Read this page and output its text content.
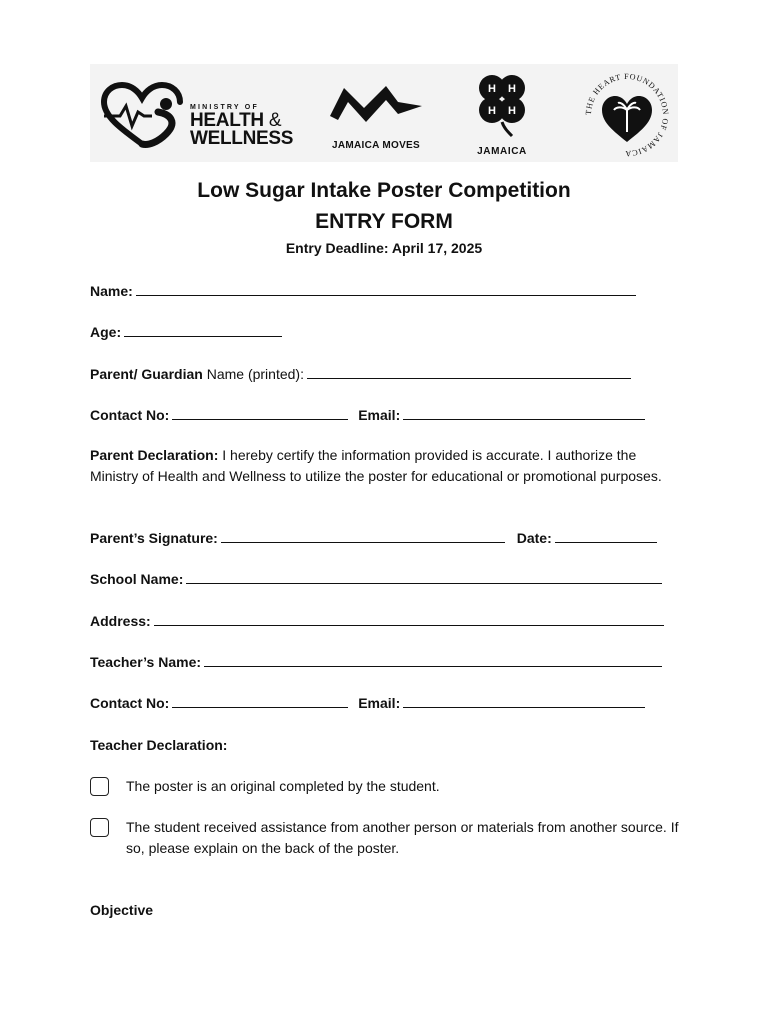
MINISTRY OF
HEALTH &
WELLNESS	JAMAICA MOVES
H H
H H
JAMAICA
THE HEART FOUNDATION OF JAMAICA
Low Sugar Intake Poster Competition
ENTRY FORM
Entry Deadline: April 17, 2025
Name:
Age:
Parent/ Guardian Name (printed):
Contact No:	Email:
Parent Declaration: I hereby certify the information provided is accurate. I authorize the Ministry of Health and Wellness to utilize the poster for educational or promotional purposes.
Parent’s Signature:	Date:
School Name:
Address:
Teacher’s Name:
Contact No:	Email:
Teacher Declaration:
The poster is an original completed by the student.
The student received assistance from another person or materials from another source. If so, please explain on the back of the poster.
Objective
